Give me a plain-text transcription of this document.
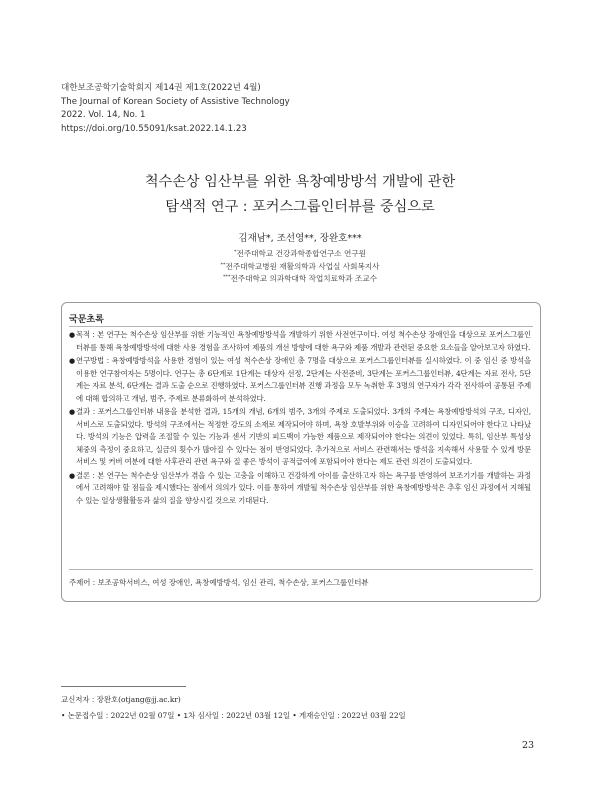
대한보조공학기술학회지 제14권 제1호(2022년 4월)
The Journal of Korean Society of Assistive Technology
2022. Vol. 14, No. 1
https://doi.org/10.55091/ksat.2022.14.1.23
척수손상 임산부를 위한 욕창예방방석 개발에 관한
탐색적 연구 : 포커스그룹인터뷰를 중심으로
김재남*, 조선영**, 장완호***
*전주대학교 건강과학종합연구소 연구원
**전주대학교병원 재활의학과 사업실 사회복지사
***전주대학교 의과학대학 작업치료학과 조교수
국문초록
● 목적 : 본 연구는 척수손상 임산부를 위한 기능적인 욕창예방방석을 개발하기 위한 사전연구이다. 여성 척수손상 장애인을 대상으로 포커스그룹인터뷰를 통해 욕창예방방석에 대한 사용 경험을 조사하여 제품의 개선 방향에 대한 욕구와 제품 개발과 관련된 중요한 요소들을 알아보고자 하였다.
● 연구방법 : 욕창예방방석을 사용한 경험이 있는 여성 척수손상 장애인 총 7명을 대상으로 포커스그룹인터뷰를 실시하였다. 이 중 임신 중 방석을 이용한 연구참여자는 5명이다. 연구는 총 6단계로 1단계는 대상자 선정, 2단계는 사전준비, 3단계는 포커스그룹인터뷰, 4단계는 자료 전사, 5단계는 자료 분석, 6단계는 결과 도출 순으로 진행하였다. 포커스그룹인터뷰 진행 과정을 모두 녹취한 후 3명의 연구자가 각각 전사하여 공통된 주제에 대해 합의하고 개념, 범주, 주제로 분류화하여 분석하였다.
● 결과 : 포커스그룹인터뷰 내용을 분석한 결과, 15개의 개념, 6개의 범주, 3개의 주제로 도출되었다. 3개의 주제는 욕창예방방석의 구조, 디자인, 서비스로 도출되었다. 방석의 구조에서는 적정한 강도의 소재로 제작되어야 하며, 욕창 호발부위와 이승을 고려하여 디자인되어야 한다고 나타났다. 방석의 기능은 압력을 조절할 수 있는 기능과 센서 기반의 피드백이 가능한 제품으로 제작되어야 한다는 의견이 있었다. 특히, 임산부 특성상 체중의 측정이 중요하고, 실금의 횟수가 많아질 수 있다는 점이 반영되었다. 추가적으로 서비스 관련해서는 방석을 지속해서 사용할 수 있게 방문서비스 및 커버 여분에 대한 사후관리 관련 욕구와 질 좋은 방석이 공적급여에 포함되어야 한다는 제도 관련 의견이 도출되었다.
● 결론 : 본 연구는 척수손상 임산부가 겪을 수 있는 고충을 이해하고 건강하게 아이를 출산하고자 하는 욕구를 반영하여 보조기기를 개발하는 과정에서 고려해야 할 점들을 제시했다는 점에서 의의가 있다. 이를 통하여 개발될 척수손상 임산부를 위한 욕창예방방석은 추후 임신 과정에서 지해될 수 있는 일상생활활동과 삶의 질을 향상시킬 것으로 기대된다.
주제어 : 보조공학서비스, 여성 장애인, 욕창예방방석, 임신 관리, 척수손상, 포커스그룹인터뷰
교신저자 : 장완호(otjang@jj.ac.kr)
• 논문접수일 : 2022년 02월 07일 • 1차 심사일 : 2022년 03월 12일 • 게재승인일 : 2022년 03월 22일
23
